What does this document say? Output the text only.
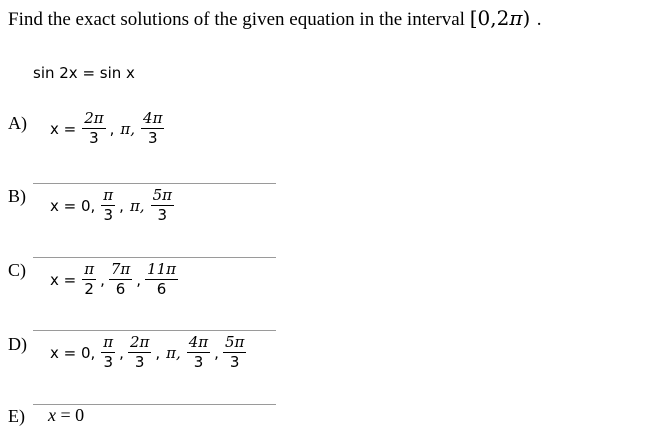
Find the exact solutions of the given equation in the interval [0,2π) .
sin 2x = sin x
A) $x = \frac{2\pi}{3}$ , π, $\frac{4\pi}{3}$
B) x = 0, $\frac{\pi}{3}$ , π, $\frac{5\pi}{3}$
C) $x = \frac{\pi}{2}$ , $\frac{7\pi}{6}$ , $\frac{11\pi}{6}$
D) x = 0, $\frac{\pi}{3}$ , $\frac{2\pi}{3}$ , π, $\frac{4\pi}{3}$ , $\frac{5\pi}{3}$
E) x = 0
